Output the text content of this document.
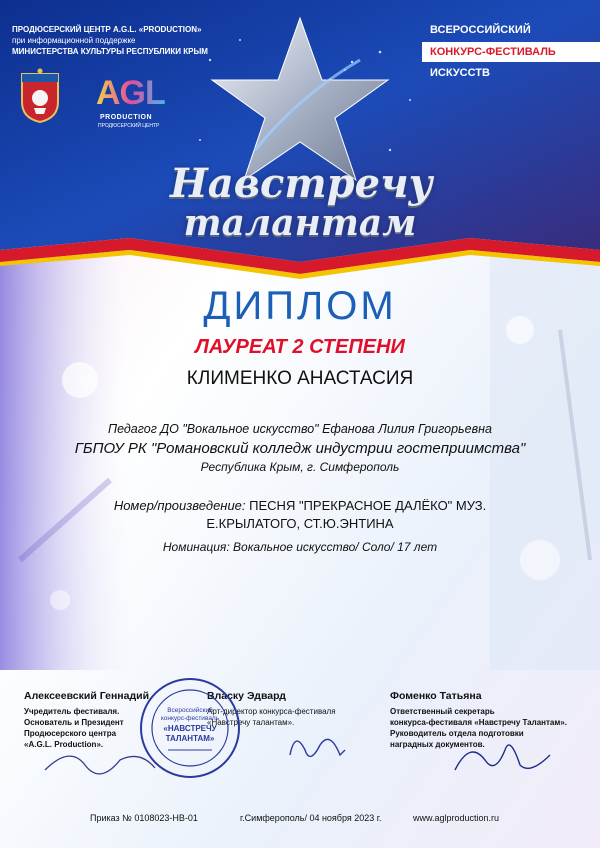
ПРОДЮСЕРСКИЙ ЦЕНТР A.G.L. «PRODUCTION»
при информационной поддержке
МИНИСТЕРСТВА КУЛЬТУРЫ РЕСПУБЛИКИ КРЫМ
AGL
PRODUCTION
ПРОДЮСЕРСКИЙ ЦЕНТР
ВСЕРОССИЙСКИЙ
КОНКУРС-ФЕСТИВАЛЬ
ИСКУССТВ
Навстречу
талантам
ДИПЛОМ
ЛАУРЕАТ 2 СТЕПЕНИ
КЛИМЕНКО АНАСТАСИЯ
Педагог ДО "Вокальное искусство" Ефанова Лилия Григорьевна
ГБПОУ РК "Романовский колледж индустрии гостеприимства"
Республика Крым, г. Симферополь
Номер/произведение: ПЕСНЯ "ПРЕКРАСНОЕ ДАЛЁКО" МУЗ.
Е.КРЫЛАТОГО, СТ.Ю.ЭНТИНА
Номинация: Вокальное искусство/ Соло/ 17 лет
Алексеевский Геннадий
Учредитель фестиваля.
Основатель и Президент
Продюсерского центра
«A.G.L. Production».
Власку Эдвард
Арт-директор конкурса-фестиваля
«Навстречу талантам».
Фоменко Татьяна
Ответственный секретарь
конкурса-фестиваля «Навстречу Талантам».
Руководитель отдела подготовки
наградных документов.
Всероссийский
конкурс-фестиваль
«НАВСТРЕЧУ
ТАЛАНТАМ»
Приказ № 0108023-НВ-01	г.Симферополь/ 04 ноября 2023 г.	www.aglproduction.ru
